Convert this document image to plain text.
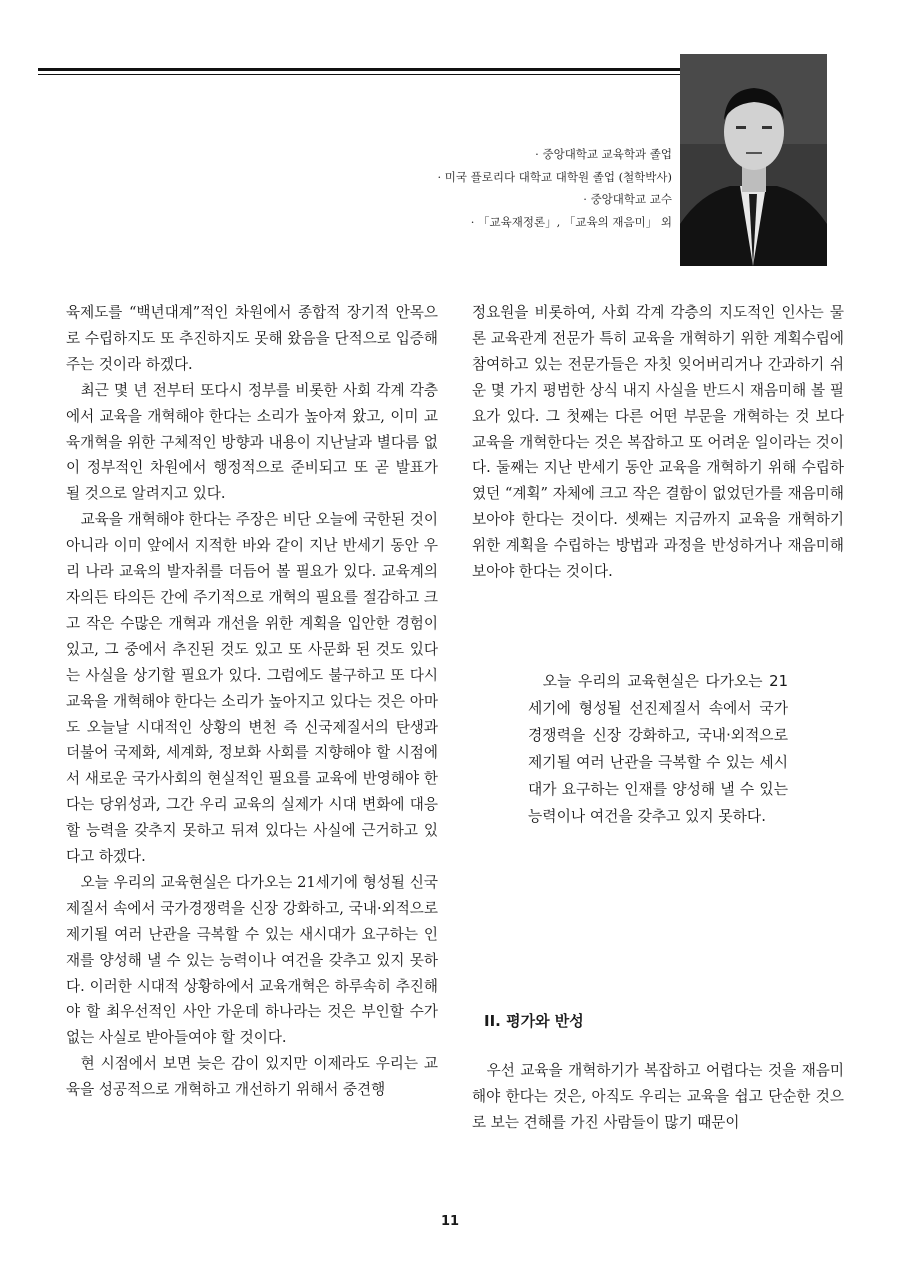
· 중앙대학교 교육학과 졸업
· 미국 플로리다 대학교 대학원 졸업 (철학박사)
· 중앙대학교 교수
· 「교육재정론」, 「교육의 재음미」 외

육제도를 “백년대계”적인 차원에서 종합적 장기적 안목으로 수립하지도 또 추진하지도 못해 왔음을 단적으로 입증해 주는 것이라 하겠다.

최근 몇 년 전부터 또다시 정부를 비롯한 사회 각계 각층에서 교육을 개혁해야 한다는 소리가 높아져 왔고, 이미 교육개혁을 위한 구체적인 방향과 내용이 지난날과 별다름 없이 정부적인 차원에서 행정적으로 준비되고 또 곧 발표가 될 것으로 알려지고 있다.

교육을 개혁해야 한다는 주장은 비단 오늘에 국한된 것이 아니라 이미 앞에서 지적한 바와 같이 지난 반세기 동안 우리 나라 교육의 발자취를 더듬어 볼 필요가 있다. 교육계의 자의든 타의든 간에 주기적으로 개혁의 필요를 절감하고 크고 작은 수많은 개혁과 개선을 위한 계획을 입안한 경험이 있고, 그 중에서 추진된 것도 있고 또 사문화 된 것도 있다는 사실을 상기할 필요가 있다. 그럼에도 불구하고 또 다시 교육을 개혁해야 한다는 소리가 높아지고 있다는 것은 아마도 오늘날 시대적인 상황의 변천 즉 신국제질서의 탄생과 더불어 국제화, 세계화, 정보화 사회를 지향해야 할 시점에서 새로운 국가사회의 현실적인 필요를 교육에 반영해야 한다는 당위성과, 그간 우리 교육의 실제가 시대 변화에 대응할 능력을 갖추지 못하고 뒤져 있다는 사실에 근거하고 있다고 하겠다.

오늘 우리의 교육현실은 다가오는 21세기에 형성될 신국제질서 속에서 국가경쟁력을 신장 강화하고, 국내·외적으로 제기될 여러 난관을 극복할 수 있는 새시대가 요구하는 인재를 양성해 낼 수 있는 능력이나 여건을 갖추고 있지 못하다. 이러한 시대적 상황하에서 교육개혁은 하루속히 추진해야 할 최우선적인 사안 가운데 하나라는 것은 부인할 수가 없는 사실로 받아들여야 할 것이다.

현 시점에서 보면 늦은 감이 있지만 이제라도 우리는 교육을 성공적으로 개혁하고 개선하기 위해서 중견행

정요원을 비롯하여, 사회 각계 각층의 지도적인 인사는 물론 교육관계 전문가 특히 교육을 개혁하기 위한 계획수립에 참여하고 있는 전문가들은 자칫 잊어버리거나 간과하기 쉬운 몇 가지 평범한 상식 내지 사실을 반드시 재음미해 볼 필요가 있다. 그 첫째는 다른 어떤 부문을 개혁하는 것 보다 교육을 개혁한다는 것은 복잡하고 또 어려운 일이라는 것이다. 둘째는 지난 반세기 동안 교육을 개혁하기 위해 수립하였던 “계획” 자체에 크고 작은 결함이 없었던가를 재음미해 보아야 한다는 것이다. 셋째는 지금까지 교육을 개혁하기 위한 계획을 수립하는 방법과 과정을 반성하거나 재음미해 보아야 한다는 것이다.

오늘 우리의 교육현실은 다가오는 21세기에 형성될 선진제질서 속에서 국가경쟁력을 신장 강화하고, 국내·외적으로 제기될 여러 난관을 극복할 수 있는 세시대가 요구하는 인재를 양성해 낼 수 있는 능력이나 여건을 갖추고 있지 못하다.

II. 평가와 반성

우선 교육을 개혁하기가 복잡하고 어렵다는 것을 재음미해야 한다는 것은, 아직도 우리는 교육을 쉽고 단순한 것으로 보는 견해를 가진 사람들이 많기 때문이

11
